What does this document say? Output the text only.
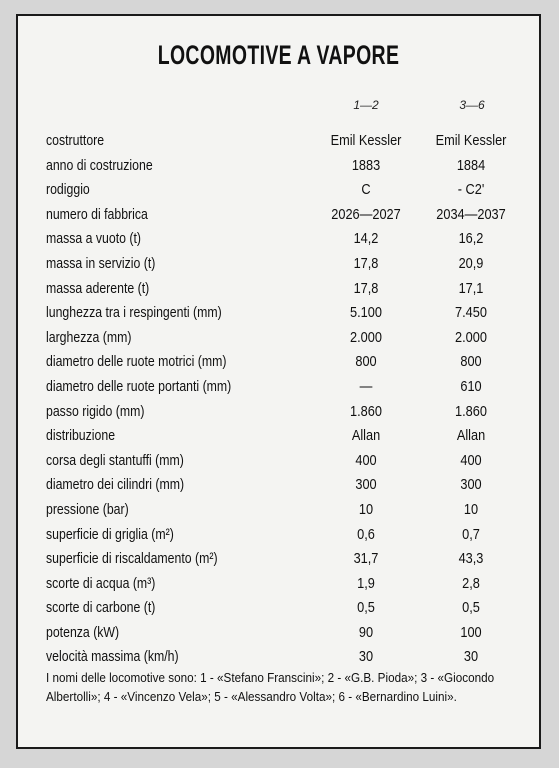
LOCOMOTIVE A VAPORE
1—2	3—6
costruttore	Emil Kessler	Emil Kessler
anno di costruzione	1883	1884
rodiggio	C	- C2'
numero di fabbrica	2026—2027	2034—2037
massa a vuoto (t)	14,2	16,2
massa in servizio (t)	17,8	20,9
massa aderente (t)	17,8	17,1
lunghezza tra i respingenti (mm)	5.100	7.450
larghezza (mm)	2.000	2.000
diametro delle ruote motrici (mm)	800	800
diametro delle ruote portanti (mm)	—	610
passo rigido (mm)	1.860	1.860
distribuzione	Allan	Allan
corsa degli stantuffi (mm)	400	400
diametro dei cilindri (mm)	300	300
pressione (bar)	10	10
superficie di griglia (m²)	0,6	0,7
superficie di riscaldamento (m²)	31,7	43,3
scorte di acqua (m³)	1,9	2,8
scorte di carbone (t)	0,5	0,5
potenza (kW)	90	100
velocità massima (km/h)	30	30
I nomi delle locomotive sono: 1 - «Stefano Franscini»; 2 - «G.B. Pioda»; 3 - «Giocondo Albertolli»; 4 - «Vincenzo Vela»; 5 - «Alessandro Volta»; 6 - «Bernardino Luini».
